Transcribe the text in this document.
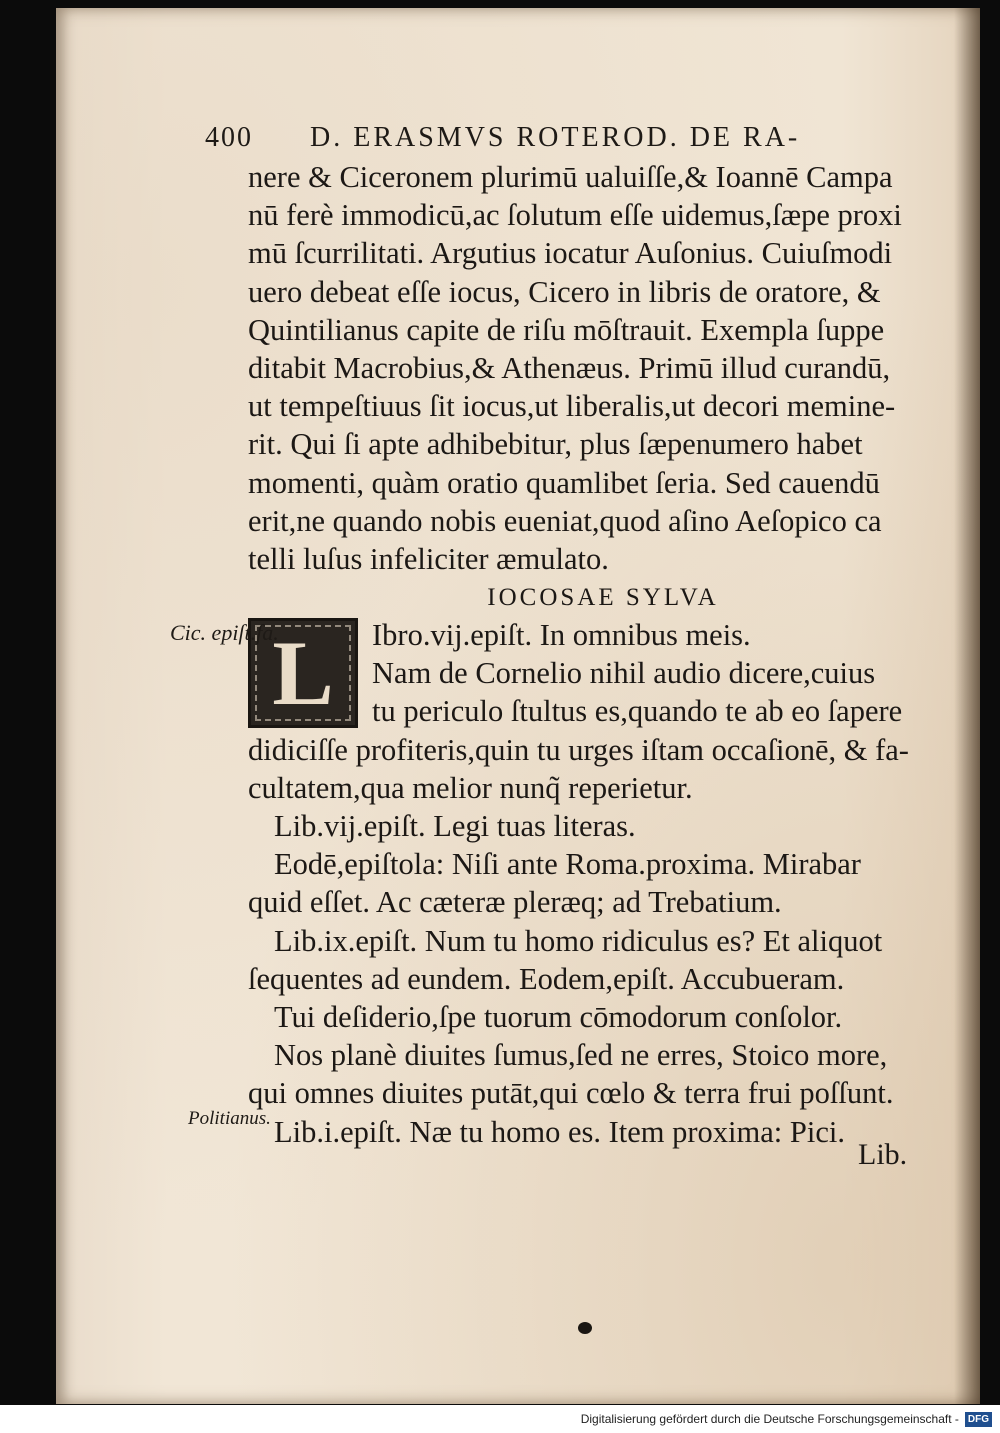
400 D. ERASMVS ROTEROD. DE RA-
nere & Ciceronem plurimū ualuiſſe,& Ioannē Campa
nū ferè immodicū,ac ſolutum eſſe uidemus,ſæpe proxi
mū ſcurrilitati. Argutius iocatur Auſonius. Cuiuſmodi
uero debeat eſſe iocus, Cicero in libris de oratore, &
Quintilianus capite de riſu mōſtrauit. Exempla ſuppe
ditabit Macrobius,& Athenæus. Primū illud curandū,
ut tempeſtiuus ſit iocus,ut liberalis,ut decori memine-
rit. Qui ſi apte adhibebitur, plus ſæpenumero habet
momenti, quàm oratio quamlibet ſeria. Sed cauendū
erit,ne quando nobis eueniat,quod aſino Aeſopico ca
telli luſus infeliciter æmulato.
IOCOSAE SYLVA
L	Ibro.vij.epiſt. In omnibus meis.
Nam de Cornelio nihil audio dicere,cuius
tu periculo ſtultus es,quando te ab eo ſapere
didiciſſe profiteris,quin tu urges iſtam occaſionē, & fa-
cultatem,qua melior nunq̃ reperietur.
Lib.vij.epiſt. Legi tuas literas.
Eodē,epiſtola: Niſi ante Roma.proxima. Mirabar
quid eſſet. Ac cæteræ pleræq; ad Trebatium.
Lib.ix.epiſt. Num tu homo ridiculus es? Et aliquot
ſequentes ad eundem. Eodem,epiſt. Accubueram.
Tui deſiderio,ſpe tuorum cōmodorum conſolor.
Nos planè diuites ſumus,ſed ne erres, Stoico more,
qui omnes diuites putāt,qui cœlo & terra frui poſſunt.
Lib.i.epiſt. Næ tu homo es. Item proxima: Pici.
Cic. epiſt.fa.
Politianus.
Lib.
Digitalisierung gefördert durch die Deutsche Forschungsgemeinschaft - DFG
